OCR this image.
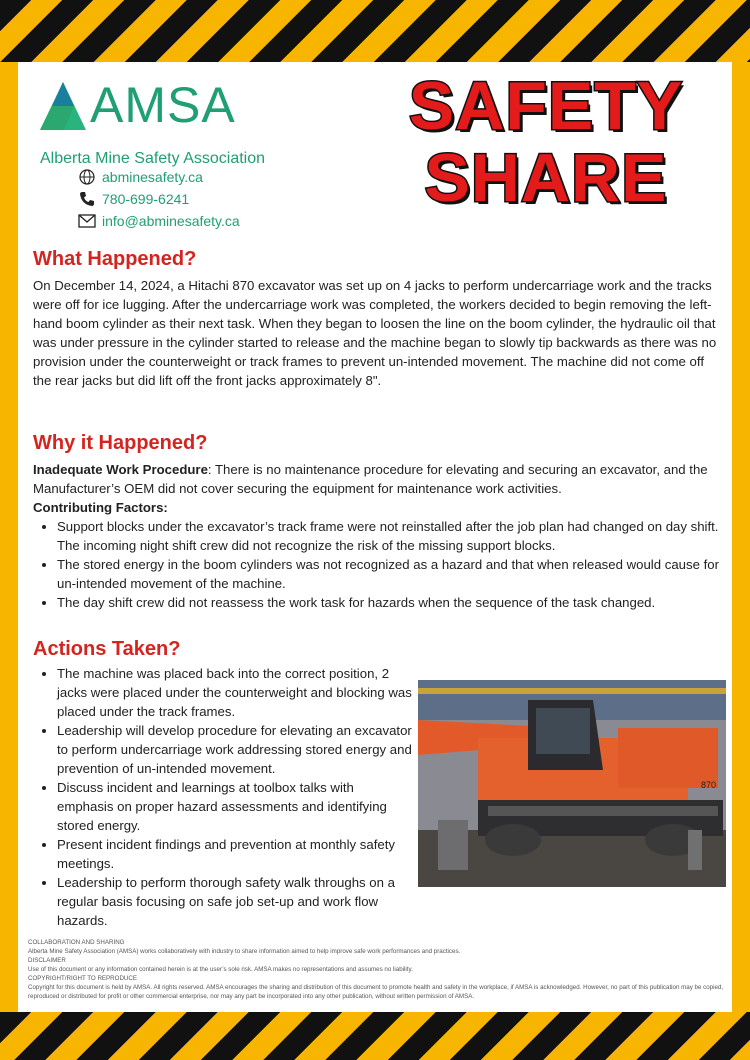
AMSA
Alberta Mine Safety Association
abminesafety.ca
780-699-6241
info@abminesafety.ca
SAFETY
SHARE
What Happened?
On December 14, 2024, a Hitachi 870 excavator was set up on 4 jacks to perform undercarriage work and the tracks were off for ice lugging. After the undercarriage work was completed, the workers decided to begin removing the left-hand boom cylinder as their next task. When they began to loosen the line on the boom cylinder, the hydraulic oil that was under pressure in the cylinder started to release and the machine began to slowly tip backwards as there was no provision under the counterweight or track frames to prevent un-intended movement. The machine did not come off the rear jacks but did lift off the front jacks approximately 8".
Why it Happened?
Inadequate Work Procedure: There is no maintenance procedure for elevating and securing an excavator, and the Manufacturer’s OEM did not cover securing the equipment for maintenance work activities.
Contributing Factors:
• Support blocks under the excavator’s track frame were not reinstalled after the job plan had changed on day shift. The incoming night shift crew did not recognize the risk of the missing support blocks.
• The stored energy in the boom cylinders was not recognized as a hazard and that when released would cause for un-intended movement of the machine.
• The day shift crew did not reassess the work task for hazards when the sequence of the task changed.
Actions Taken?
• The machine was placed back into the correct position, 2 jacks were placed under the counterweight and blocking was placed under the track frames.
• Leadership will develop procedure for elevating an excavator to perform undercarriage work addressing stored energy and prevention of un-intended movement.
• Discuss incident and learnings at toolbox talks with emphasis on proper hazard assessments and identifying stored energy.
• Present incident findings and prevention at monthly safety meetings.
• Leadership to perform thorough safety walk throughs on a regular basis focusing on safe job set-up and work flow hazards.
870
COLLABORATION AND SHARING
Alberta Mine Safety Association (AMSA) works collaboratively with industry to share information aimed to help improve safe work performances and practices.
DISCLAIMER
Use of this document or any information contained herein is at the user’s sole risk. AMSA makes no representations and assumes no liability.
COPYRIGHT/RIGHT TO REPRODUCE
Copyright for this document is held by AMSA. All rights reserved. AMSA encourages the sharing and distribution of this document to promote health and safety in the workplace, if AMSA is acknowledged. However, no part of this publication may be copied, reproduced or distributed for profit or other commercial enterprise, nor may any part be incorporated into any other publication, without written permission of AMSA.
